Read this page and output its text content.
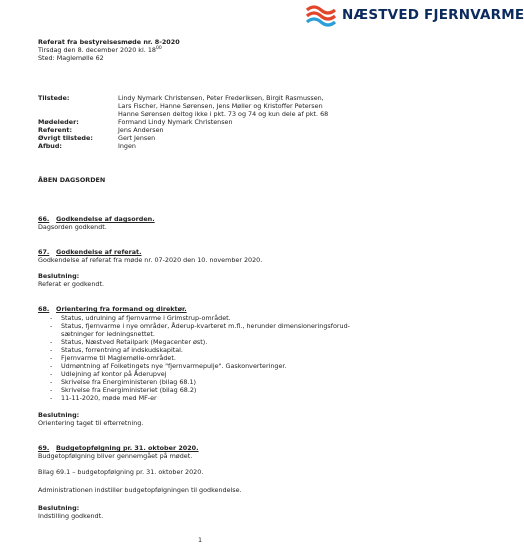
NÆSTVED FJERNVARME
Referat fra bestyrelsesmøde nr. 8-2020
Tirsdag den 8. december 2020 kl. $18^{00}$
Sted: Maglemølle 62
Tilstede:	Lindy Nymark Christensen, Peter Frederiksen, Birgit Rasmussen,
Lars Fischer, Hanne Sørensen, Jens Møller og Kristoffer Petersen
Hanne Sørensen deltog ikke i pkt. 73 og 74 og kun dele af pkt. 68
Mødeleder:	Formand Lindy Nymark Christensen
Referent:	Jens Andersen
Øvrigt tilstede:	Gert Jensen
Afbud:	Ingen
ÅBEN DAGSORDEN
66. Godkendelse af dagsorden.
Dagsorden godkendt.
67. Godkendelse af referat.
Godkendelse af referat fra møde nr. 07-2020 den 10. november 2020.
Beslutning:
Referat er godkendt.
68. Orientering fra formand og direktør.
- Status, udrulning af fjernvarme i Grimstrup-området.
- Status, fjernvarme i nye områder, Åderup-kvarteret m.fl., herunder dimensioneringsforud-
sætninger for ledningsnettet.
- Status, Næstved Retailpark (Megacenter øst).
- Status, forrentning af indskudskapital.
- Fjernvarme til Maglemølle-området.
- Udmøntning af Folketingets nye "fjernvarmepulje". Gaskonverteringer.
- Udlejning af kontor på Åderupvej
- Skrivelse fra Energiministeren (bilag 68.1)
- Skrivelse fra Energiministeriet (bilag 68.2)
- 11-11-2020, møde med MF-er
Beslutning:
Orientering taget til efterretning.
69. Budgetopfølgning pr. 31. oktober 2020.
Budgetopfølgning bliver gennemgået på mødet.
Bilag 69.1 – budgetopfølgning pr. 31. oktober 2020.
Administrationen indstiller budgetopfølgningen til godkendelse.
Beslutning:
Indstilling godkendt.
1
